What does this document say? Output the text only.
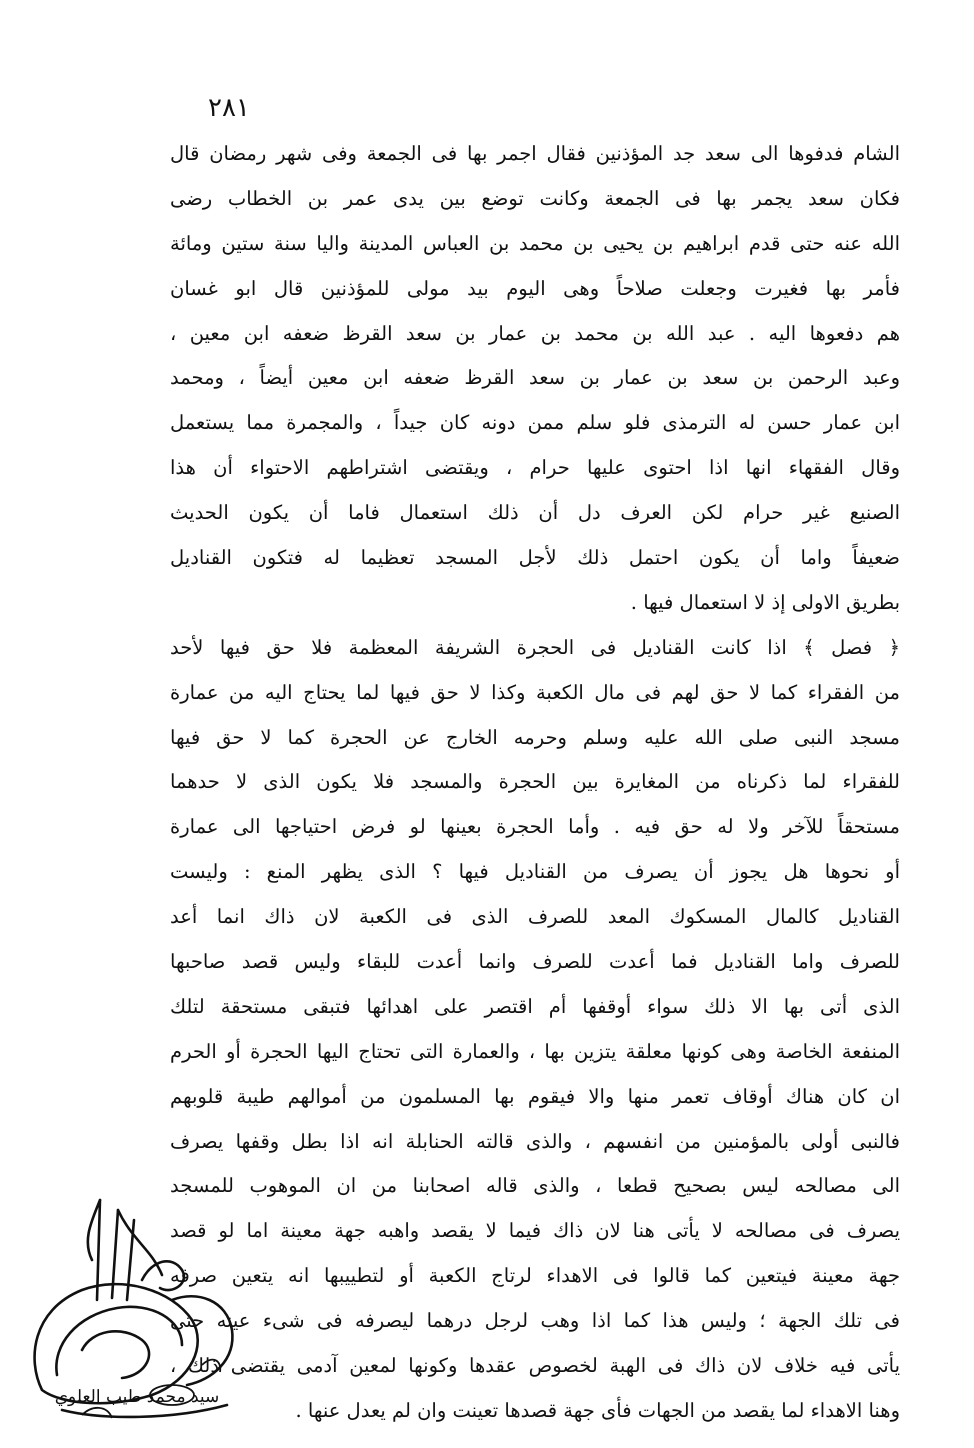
٢٨١
الشام فدفوها الى سعد جد المؤذنين فقال اجمر بها فى الجمعة وفى شهر رمضان قال
فكان سعد يجمر بها فى الجمعة وكانت توضع بين يدى عمر بن الخطاب رضى
الله عنه حتى قدم ابراهيم بن يحيى بن محمد بن العباس المدينة واليا سنة ستين ومائة
فأمر بها فغيرت وجعلت صلاحاً وهى اليوم بيد مولى للمؤذنين قال ابو غسان
هم دفعوها اليه . عبد الله بن محمد بن عمار بن سعد القرظ ضعفه ابن معين ،
وعبد الرحمن بن سعد بن عمار بن سعد القرظ ضعفه ابن معين أيضاً ، ومحمد
ابن عمار حسن له الترمذى فلو سلم ممن دونه كان جيداً ، والمجمرة مما يستعمل
وقال الفقهاء انها اذا احتوى عليها حرام ، ويقتضى اشتراطهم الاحتواء أن هذا
الصنيع غير حرام لكن العرف دل أن ذلك استعمال فاما أن يكون الحديث
ضعيفاً واما أن يكون احتمل ذلك لأجل المسجد تعظيما له فتكون القناديل
بطريق الاولى إذ لا استعمال فيها .
﴿ فصل ﴾ اذا كانت القناديل فى الحجرة الشريفة المعظمة فلا حق فيها لأحد
من الفقراء كما لا حق لهم فى مال الكعبة وكذا لا حق فيها لما يحتاج اليه من عمارة
مسجد النبى صلى الله عليه وسلم وحرمه الخارج عن الحجرة كما لا حق فيها
للفقراء لما ذكرناه من المغايرة بين الحجرة والمسجد فلا يكون الذى لا حدهما
مستحقاً للآخر ولا له حق فيه . وأما الحجرة بعينها لو فرض احتياجها الى عمارة
أو نحوها هل يجوز أن يصرف من القناديل فيها ؟ الذى يظهر المنع : وليست
القناديل كالمال المسكوك المعد للصرف الذى فى الكعبة لان ذاك انما أعد
للصرف واما القناديل فما أعدت للصرف وانما أعدت للبقاء وليس قصد صاحبها
الذى أتى بها الا ذلك سواء أوقفها أم اقتصر على اهدائها فتبقى مستحقة لتلك
المنفعة الخاصة وهى كونها معلقة يتزين بها ، والعمارة التى تحتاج اليها الحجرة أو الحرم
ان كان هناك أوقاف تعمر منها والا فيقوم بها المسلمون من أموالهم طيبة قلوبهم
فالنبى أولى بالمؤمنين من انفسهم ، والذى قالته الحنابلة انه اذا بطل وقفها يصرف
الى مصالحه ليس بصحيح قطعا ، والذى قاله اصحابنا من ان الموهوب للمسجد
يصرف فى مصالحه لا يأتى هنا لان ذاك فيما لا يقصد واهبه جهة معينة اما لو قصد
جهة معينة فيتعين كما قالوا فى الاهداء لرتاج الكعبة أو لتطييبها انه يتعين صرفه
فى تلك الجهة ؛ وليس هذا كما اذا وهب لرجل درهما ليصرفه فى شىء عينه حتى
يأتى فيه خلاف لان ذاك فى الهبة لخصوص عقدها وكونها لمعين آدمى يقتضى ذلك ،
وهنا الاهداء لما يقصد من الجهات فأى جهة قصدها تعينت وان لم يعدل عنها .
سيد محمد طيب العلوي
